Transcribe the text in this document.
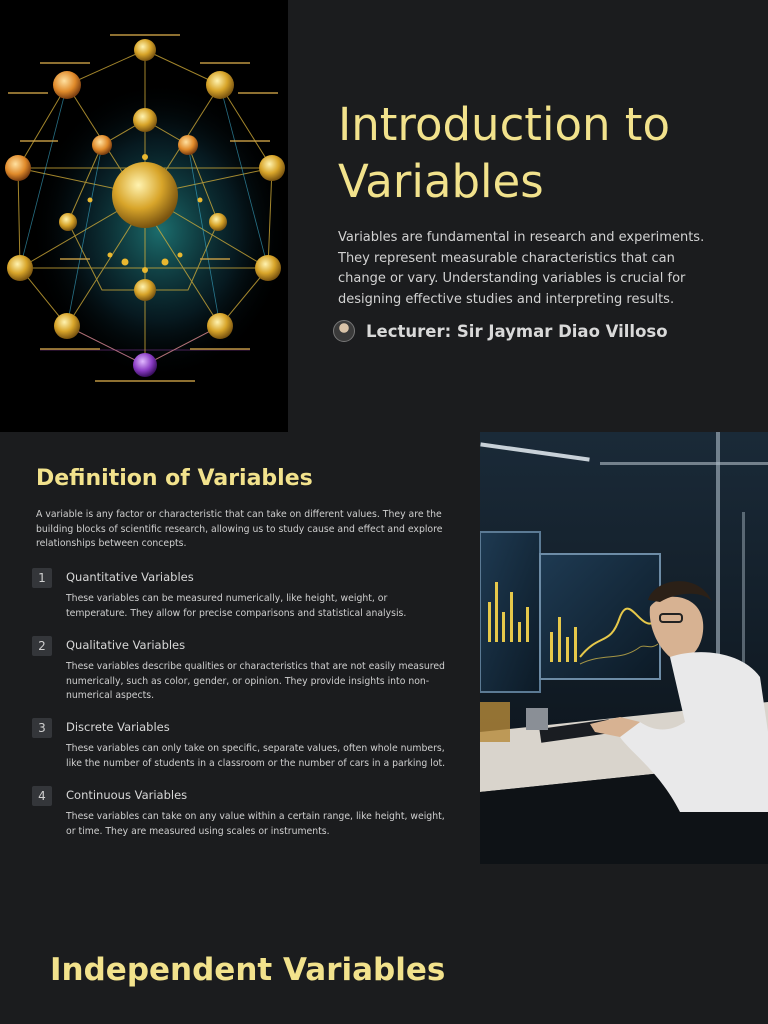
Introduction to
Variables

Variables are fundamental in research and experiments. They represent measurable characteristics that can change or vary. Understanding variables is crucial for designing effective studies and interpreting results.

Lecturer: Sir Jaymar Diao Villoso
Definition of Variables

A variable is any factor or characteristic that can take on different values. They are the building blocks of scientific research, allowing us to study cause and effect and explore relationships between concepts.

1	Quantitative Variables
These variables can be measured numerically, like height, weight, or temperature. They allow for precise comparisons and statistical analysis.
2	Qualitative Variables
These variables describe qualities or characteristics that are not easily measured numerically, such as color, gender, or opinion. They provide insights into non-numerical aspects.
3	Discrete Variables
These variables can only take on specific, separate values, often whole numbers, like the number of students in a classroom or the number of cars in a parking lot.
4	Continuous Variables
These variables can take on any value within a certain range, like height, weight, or time. They are measured using scales or instruments.
Independent Variables
